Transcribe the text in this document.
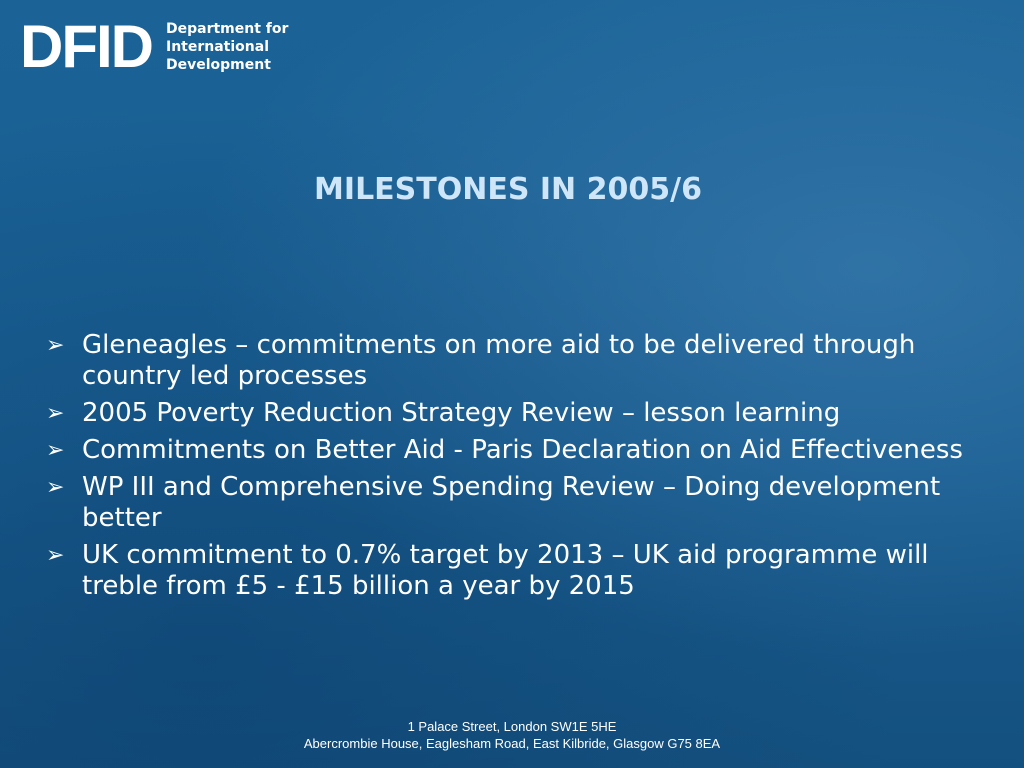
DFID Department for
International
Development
MILESTONES IN 2005/6
➢ Gleneagles – commitments on more aid to be delivered through country led processes
➢ 2005 Poverty Reduction Strategy Review – lesson learning
➢ Commitments on Better Aid - Paris Declaration on Aid Effectiveness
➢ WP III and Comprehensive Spending Review – Doing development better
➢ UK commitment to 0.7% target by 2013 – UK aid programme will treble from £5 - £15 billion a year by 2015
1 Palace Street, London SW1E 5HE
Abercrombie House, Eaglesham Road, East Kilbride, Glasgow G75 8EA
